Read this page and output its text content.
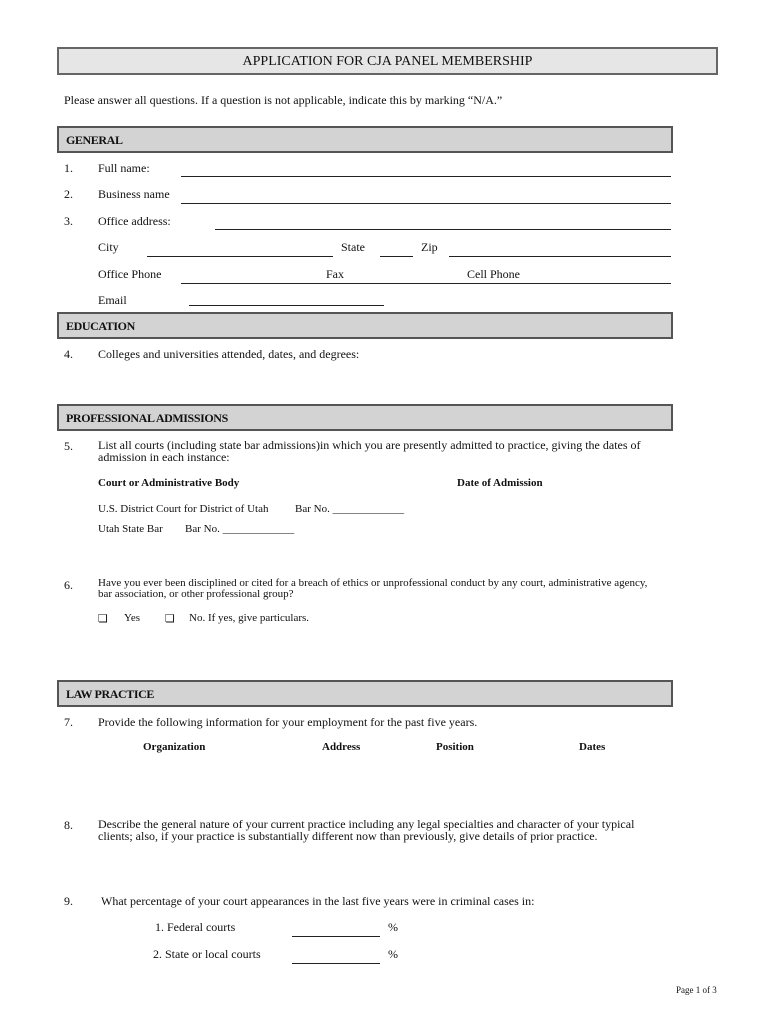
APPLICATION FOR CJA PANEL MEMBERSHIP
Please answer all questions. If a question is not applicable, indicate this by marking “N/A.”
GENERAL
1. Full name:
2. Business name
3. Office address:
City	State	Zip
Office Phone	Fax	Cell Phone
Email
EDUCATION
4. Colleges and universities attended, dates, and degrees:
PROFESSIONAL ADMISSIONS
5. List all courts (including state bar admissions)in which you are presently admitted to practice, giving the dates of
admission in each instance:
Court or Administrative Body	Date of Admission
U.S. District Court for District of Utah Bar No. _____________
Utah State Bar Bar No. _____________
6. Have you ever been disciplined or cited for a breach of ethics or unprofessional conduct by any court, administrative agency,
bar association, or other professional group?
❏ Yes ❏ No. If yes, give particulars.
LAW PRACTICE
7. Provide the following information for your employment for the past five years.
Organization	Address	Position	Dates
8. Describe the general nature of your current practice including any legal specialties and character of your typical
clients; also, if your practice is substantially different now than previously, give details of prior practice.
9. What percentage of your court appearances in the last five years were in criminal cases in:
1. Federal courts	%
2. State or local courts	%
Page 1 of 3
